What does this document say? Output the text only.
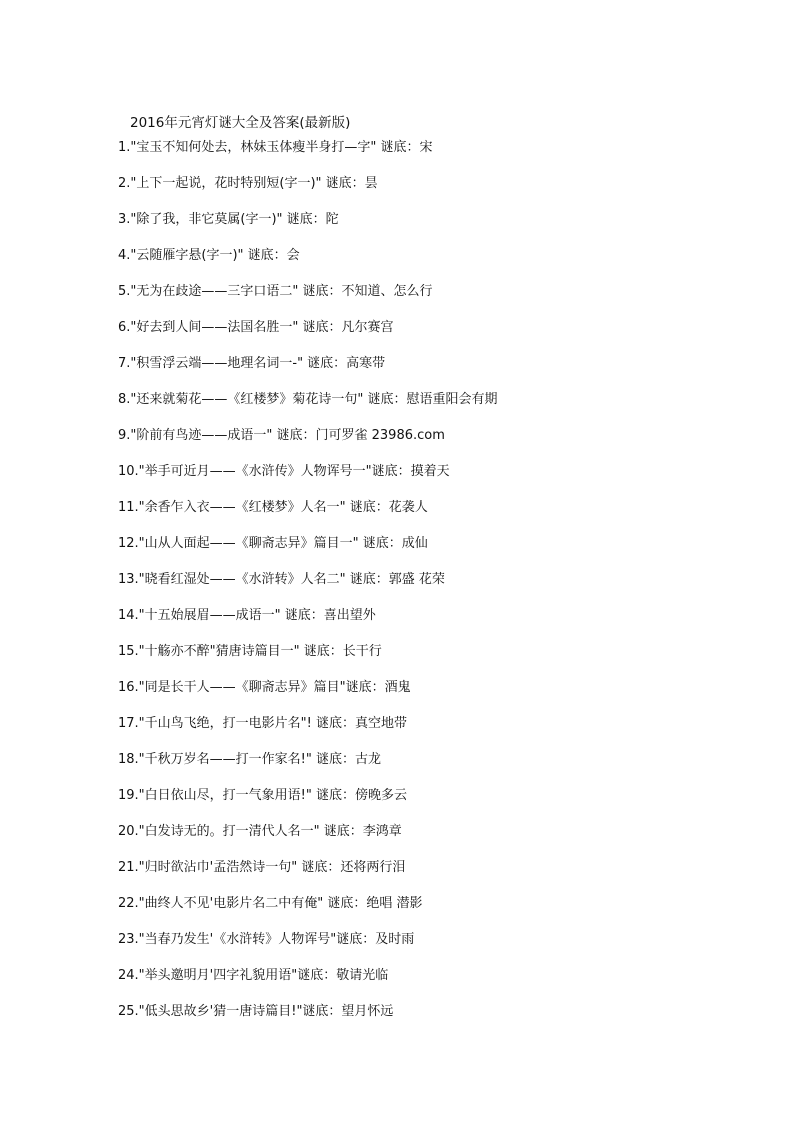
2016年元宵灯谜大全及答案(最新版)
1."宝玉不知何处去，林妹玉体瘦半身打—字" 谜底：宋
2."上下一起说，花时特别短(字一)" 谜底：昙
3."除了我，非它莫属(字一)" 谜底：陀
4."云随雁字悬(字一)" 谜底：会
5."无为在歧途——三字口语二" 谜底：不知道、怎么行
6."好去到人间——法国名胜一" 谜底：凡尔赛宫
7."积雪浮云端——地理名词一-" 谜底：高寒带
8."还来就菊花——《红楼梦》菊花诗一句" 谜底：慰语重阳会有期
9."阶前有鸟迹——成语一" 谜底：门可罗雀 23986.com
10."举手可近月——《水浒传》人物诨号一"谜底：摸着天
11."余香乍入衣——《红楼梦》人名一" 谜底：花袭人
12."山从人面起——《聊斋志异》篇目一" 谜底：成仙
13."晓看红湿处——《水浒转》人名二" 谜底：郭盛 花荣
14."十五始展眉——成语一" 谜底：喜出望外
15."十觞亦不醉"猜唐诗篇目一" 谜底：长干行
16."同是长干人——《聊斋志异》篇目"谜底：酒鬼
17."千山鸟飞绝，打一电影片名"! 谜底：真空地带
18."千秋万岁名——打一作家名!" 谜底：古龙
19."白日依山尽，打一气象用语!" 谜底：傍晚多云
20."白发诗无的。打一清代人名一" 谜底：李鸿章
21."归时欲沾巾'孟浩然诗一句" 谜底：还将两行泪
22."曲终人不见'电影片名二中有俺" 谜底：绝唱 潜影
23."当春乃发生'《水浒转》人物诨号"谜底：及时雨
24."举头邀明月'四字礼貌用语"谜底：敬请光临
25."低头思故乡'猜一唐诗篇目!"谜底：望月怀远
